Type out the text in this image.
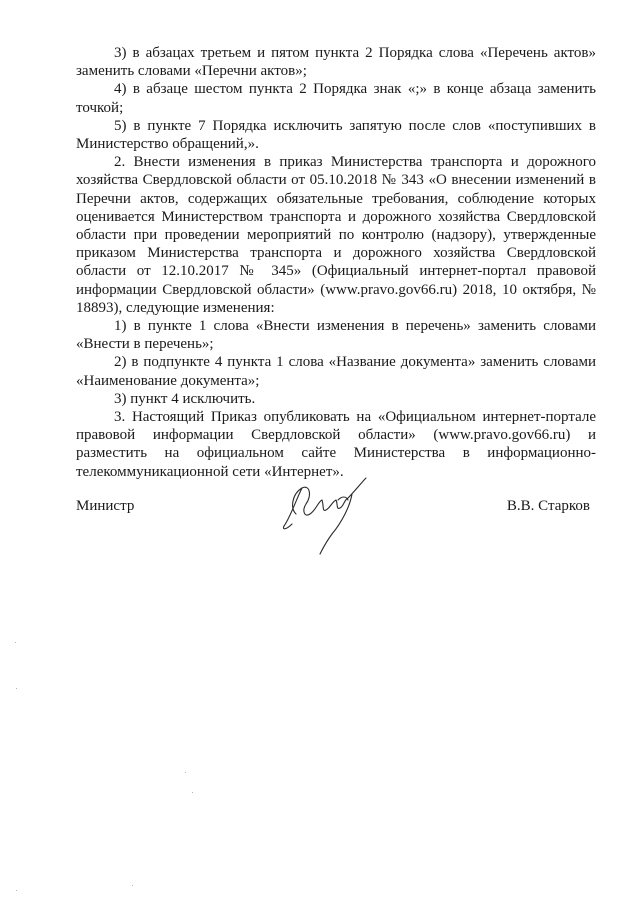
3) в абзацах третьем и пятом пункта 2 Порядка слова «Перечень актов» заменить словами «Перечни актов»;

4) в абзаце шестом пункта 2 Порядка знак «;» в конце абзаца заменить точкой;

5) в пункте 7 Порядка исключить запятую после слов «поступивших в Министерство обращений,».

2. Внести изменения в приказ Министерства транспорта и дорожного хозяйства Свердловской области от 05.10.2018 № 343 «О внесении изменений в Перечни актов, содержащих обязательные требования, соблюдение которых оценивается Министерством транспорта и дорожного хозяйства Свердловской области при проведении мероприятий по контролю (надзору), утвержденные приказом Министерства транспорта и дорожного хозяйства Свердловской области от 12.10.2017 № 345» (Официальный интернет-портал правовой информации Свердловской области» (www.pravo.gov66.ru) 2018, 10 октября, № 18893), следующие изменения:

1) в пункте 1 слова «Внести изменения в перечень» заменить словами «Внести в перечень»;

2) в подпункте 4 пункта 1 слова «Название документа» заменить словами «Наименование документа»;

3) пункт 4 исключить.

3. Настоящий Приказ опубликовать на «Официальном интернет-портале правовой информации Свердловской области» (www.pravo.gov66.ru) и разместить на официальном сайте Министерства в информационно-телекоммуникационной сети «Интернет».

Министр	В.В. Старков
